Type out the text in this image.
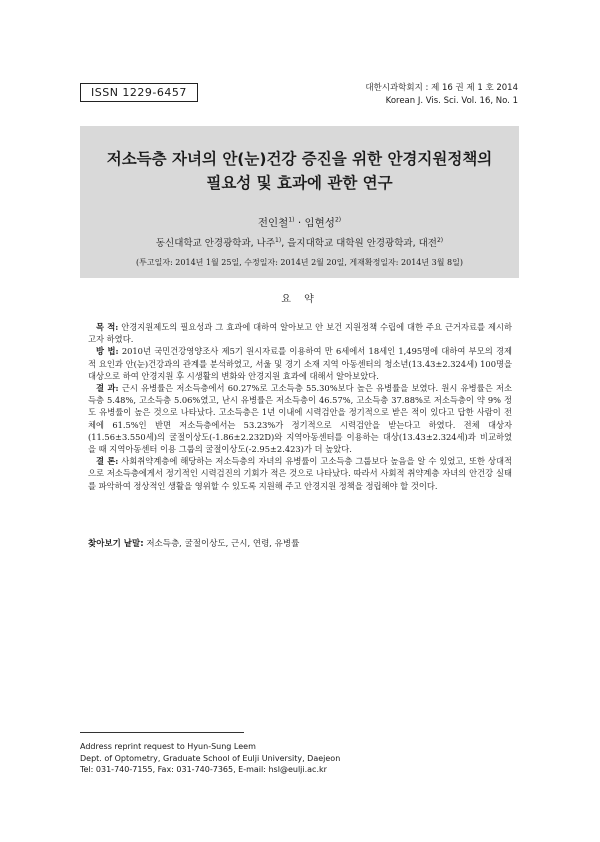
ISSN 1229-6457	대한시과학회지 : 제 16 권 제 1 호 2014
Korean J. Vis. Sci. Vol. 16, No. 1
저소득층 자녀의 안(눈)건강 증진을 위한 안경지원정책의
필요성 및 효과에 관한 연구
전인철$^{1)}$ · 임현성$^{2)}$
동신대학교 안경광학과, 나주$^{1)}$, 을지대학교 대학원 안경광학과, 대전$^{2)}$
(투고일자: 2014년 1월 25일, 수정일자: 2014년 2월 20일, 게재확정일자: 2014년 3월 8일)
요 약

목 적: 안경지원제도의 필요성과 그 효과에 대하여 알아보고 안 보건 지원정책 수립에 대한 주요 근거자료를 제시하고자 하였다.

방 법: 2010년 국민건강영양조사 제5기 원시자료를 이용하여 만 6세에서 18세인 1,495명에 대하여 부모의 경제적 요인과 안(눈)건강과의 관계를 분석하였고, 서울 및 경기 소재 지역 아동센터의 청소년(13.43±2.324세) 100명을 대상으로 하여 안경지원 후 시생활의 변화와 안경지원 효과에 대해서 알아보았다.

결 과: 근시 유병률은 저소득층에서 60.27%로 고소득층 55.30%보다 높은 유병률을 보였다. 원시 유병률은 저소득층 5.48%, 고소득층 5.06%였고, 난시 유병률은 저소득층이 46.57%, 고소득층 37.88%로 저소득층이 약 9% 정도 유병률이 높은 것으로 나타났다. 고소득층은 1년 이내에 시력검안을 정기적으로 받은 적이 있다고 답한 사람이 전체에 61.5%인 반면 저소득층에서는 53.23%가 정기적으로 시력검안을 받는다고 하였다. 전체 대상자(11.56±3.550세)의 굴절이상도(-1.86±2.232D)와 지역아동센터를 이용하는 대상(13.43±2.324세)과 비교하였을 때 지역아동센터 이용 그룹의 굴절이상도(-2.95±2.423)가 더 높았다.

결 론: 사회취약계층에 해당하는 저소득층의 자녀의 유병률이 고소득층 그룹보다 높음을 알 수 있었고, 또한 상대적으로 저소득층에게서 정기적인 시력검진의 기회가 적은 것으로 나타났다. 따라서 사회적 취약계층 자녀의 안건강 실태를 파악하여 정상적인 생활을 영위할 수 있도록 지원해 주고 안경지원 정책을 정립해야 할 것이다.

찾아보기 낱말: 저소득층, 굴절이상도, 근시, 연령, 유병률
Address reprint request to Hyun-Sung Leem
Dept. of Optometry, Graduate School of Eulji University, Daejeon
Tel: 031-740-7155, Fax: 031-740-7365, E-mail: hsl@eulji.ac.kr
